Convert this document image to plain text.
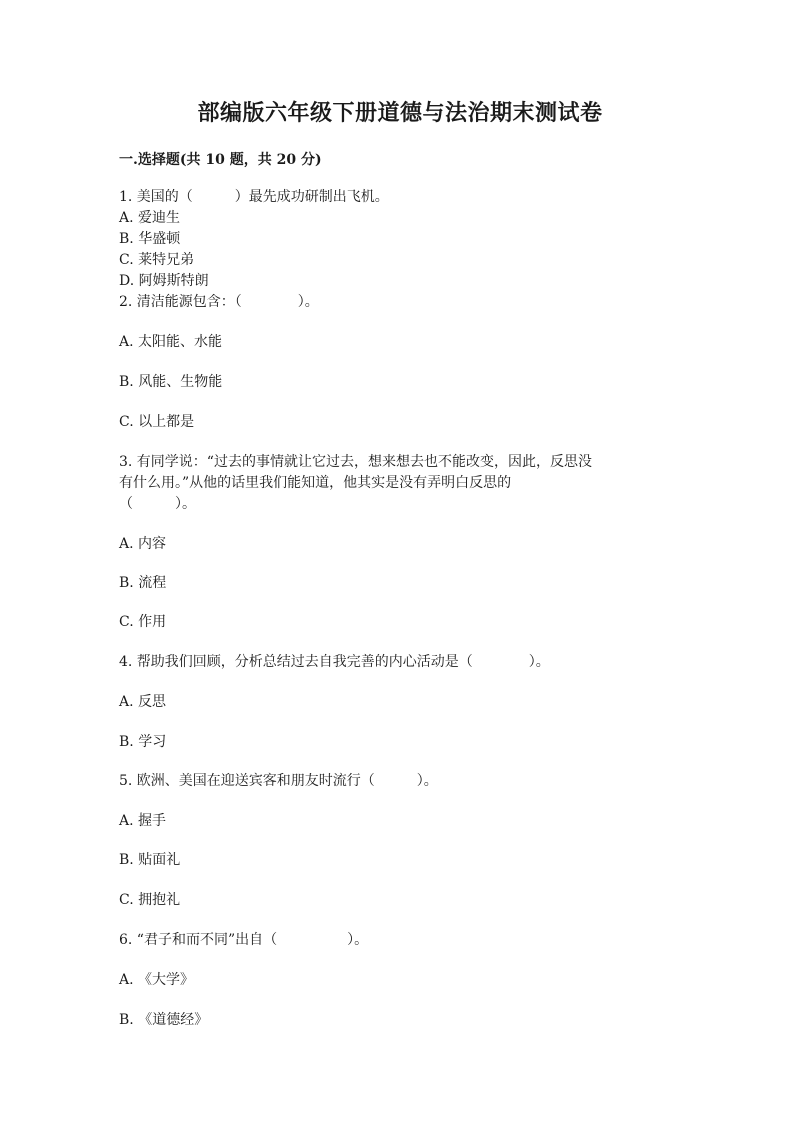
部编版六年级下册道德与法治期末测试卷
一.选择题(共 10 题，共 20 分)
1. 美国的（　　　）最先成功研制出飞机。
A. 爱迪生
B. 华盛顿
C. 莱特兄弟
D. 阿姆斯特朗
2. 清洁能源包含：（　　　　）。
A. 太阳能、水能
B. 风能、生物能
C. 以上都是
3. 有同学说：“过去的事情就让它过去，想来想去也不能改变，因此，反思没
有什么用。”从他的话里我们能知道，他其实是没有弄明白反思的
（　　　）。
A. 内容
B. 流程
C. 作用
4. 帮助我们回顾，分析总结过去自我完善的内心活动是（　　　　）。
A. 反思
B. 学习
5. 欧洲、美国在迎送宾客和朋友时流行（　　　）。
A. 握手
B. 贴面礼
C. 拥抱礼
6. “君子和而不同”出自（　　　　　）。
A. 《大学》
B. 《道德经》
